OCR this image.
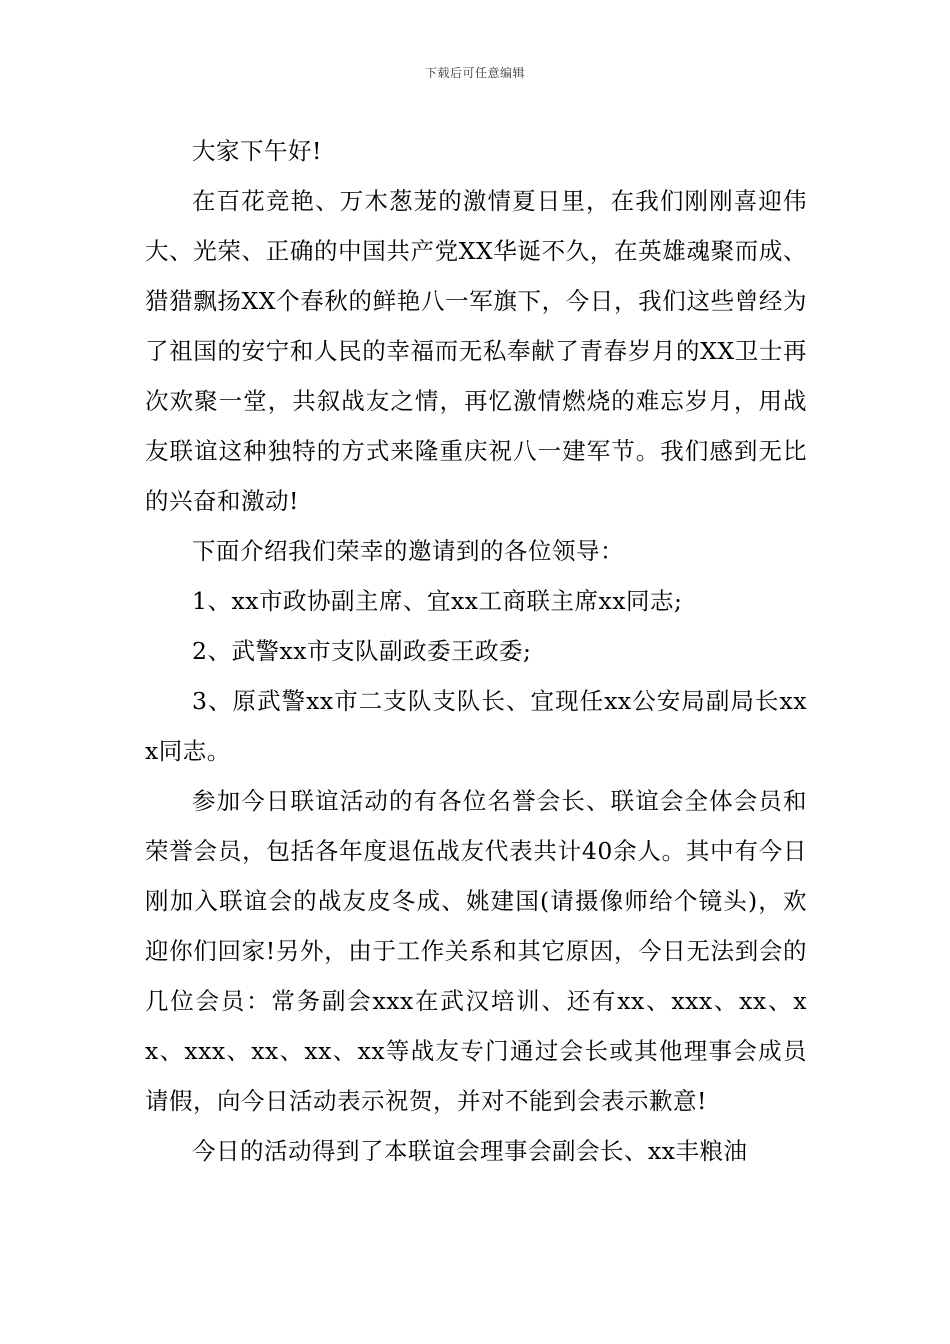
下载后可任意编辑

大家下午好!

在百花竞艳、万木葱茏的激情夏日里，在我们刚刚喜迎伟大、光荣、正确的中国共产党XX华诞不久，在英雄魂聚而成、猎猎飘扬XX个春秋的鲜艳八一军旗下，今日，我们这些曾经为了祖国的安宁和人民的幸福而无私奉献了青春岁月的XX卫士再次欢聚一堂，共叙战友之情，再忆激情燃烧的难忘岁月，用战友联谊这种独特的方式来隆重庆祝八一建军节。我们感到无比的兴奋和激动!

下面介绍我们荣幸的邀请到的各位领导：

1、xx市政协副主席、宜xx工商联主席xx同志;

2、武警xx市支队副政委王政委;

3、原武警xx市二支队支队长、宜现任xx公安局副局长xxx同志。

参加今日联谊活动的有各位名誉会长、联谊会全体会员和荣誉会员，包括各年度退伍战友代表共计40余人。其中有今日刚加入联谊会的战友皮冬成、姚建国(请摄像师给个镜头)，欢迎你们回家!另外，由于工作关系和其它原因，今日无法到会的几位会员：常务副会xxx在武汉培训、还有xx、xxx、xx、xx、xxx、xx、xx、xx等战友专门通过会长或其他理事会成员请假，向今日活动表示祝贺，并对不能到会表示歉意!

今日的活动得到了本联谊会理事会副会长、xx丰粮油
